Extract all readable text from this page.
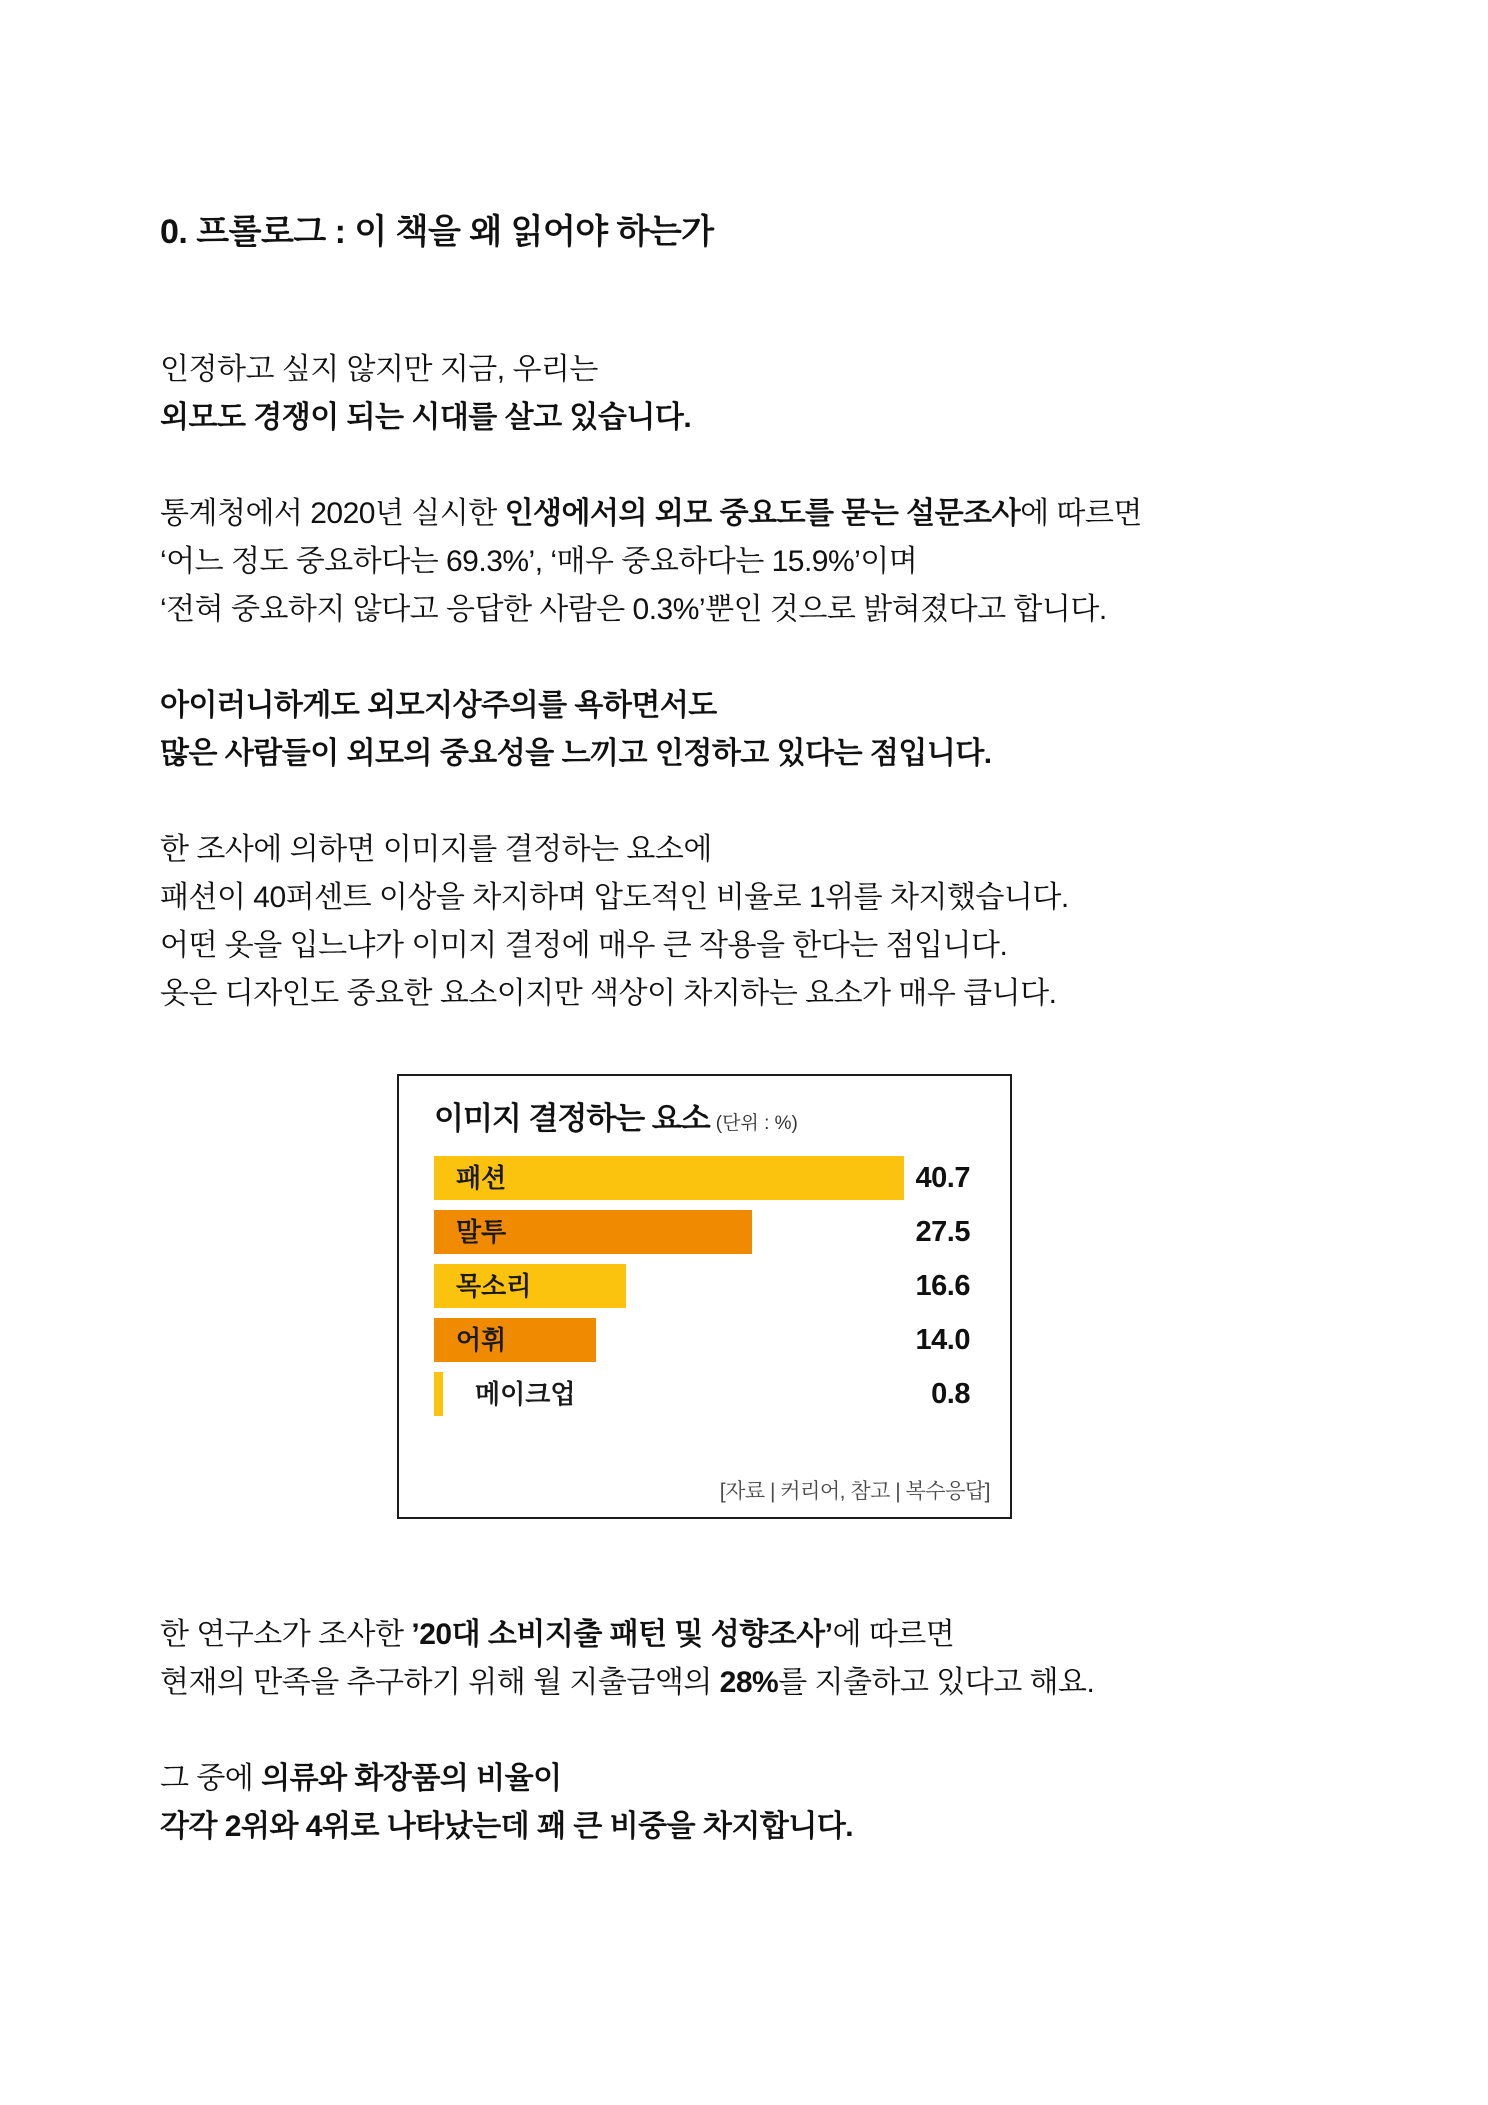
0. 프롤로그 : 이 책을 왜 읽어야 하는가
인정하고 싶지 않지만 지금, 우리는
외모도 경쟁이 되는 시대를 살고 있습니다.
통계청에서 2020년 실시한 인생에서의 외모 중요도를 묻는 설문조사에 따르면
‘어느 정도 중요하다는 69.3%’, ‘매우 중요하다는 15.9%’이며
‘전혀 중요하지 않다고 응답한 사람은 0.3%’뿐인 것으로 밝혀졌다고 합니다.
아이러니하게도 외모지상주의를 욕하면서도
많은 사람들이 외모의 중요성을 느끼고 인정하고 있다는 점입니다.
한 조사에 의하면 이미지를 결정하는 요소에
패션이 40퍼센트 이상을 차지하며 압도적인 비율로 1위를 차지했습니다.
어떤 옷을 입느냐가 이미지 결정에 매우 큰 작용을 한다는 점입니다.
옷은 디자인도 중요한 요소이지만 색상이 차지하는 요소가 매우 큽니다.
이미지 결정하는 요소 (단위 : %)
패션	40.7
말투	27.5
목소리	16.6
어휘	14.0
메이크업	0.8
[자료 | 커리어, 참고 | 복수응답]
한 연구소가 조사한 ’20대 소비지출 패턴 및 성향조사’에 따르면
현재의 만족을 추구하기 위해 월 지출금액의 28%를 지출하고 있다고 해요.
그 중에 의류와 화장품의 비율이
각각 2위와 4위로 나타났는데 꽤 큰 비중을 차지합니다.
